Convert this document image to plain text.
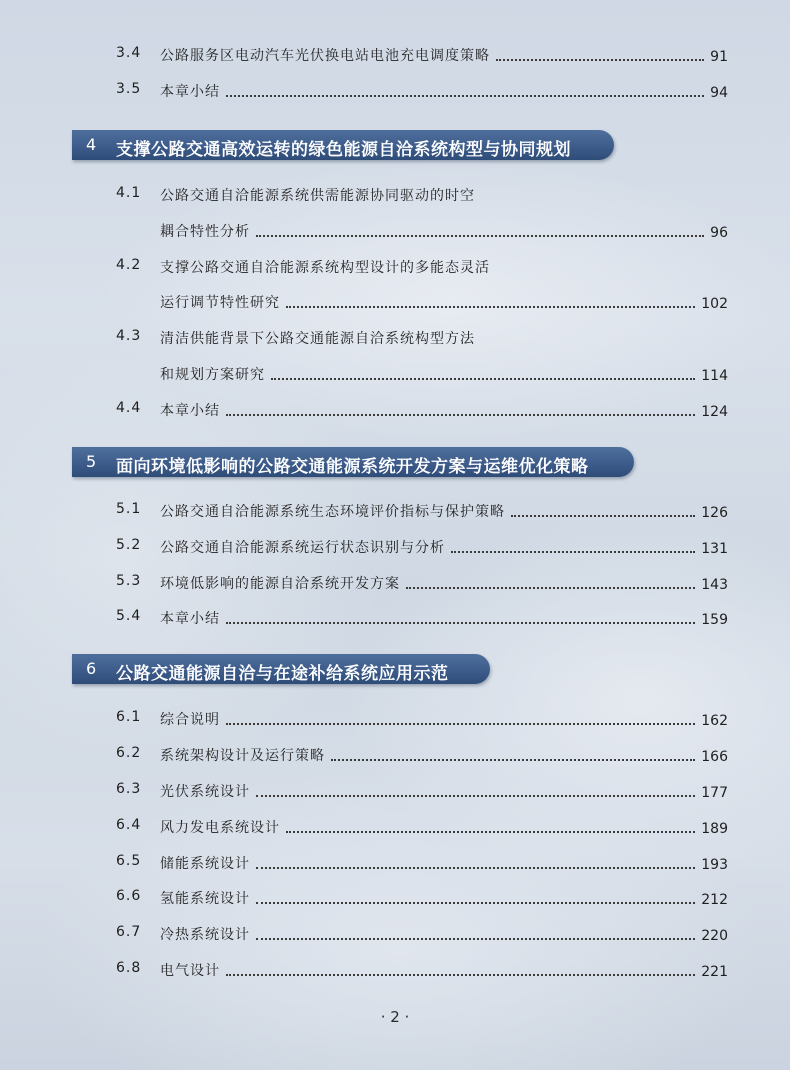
3.4	公路服务区电动汽车光伏换电站电池充电调度策略	91
3.5	本章小结	94
4 支撑公路交通高效运转的绿色能源自洽系统构型与协同规划
4.1	公路交通自洽能源系统供需能源协同驱动的时空
耦合特性分析	96
4.2	支撑公路交通自洽能源系统构型设计的多能态灵活
运行调节特性研究	102
4.3	清洁供能背景下公路交通能源自洽系统构型方法
和规划方案研究	114
4.4	本章小结	124
5 面向环境低影响的公路交通能源系统开发方案与运维优化策略
5.1	公路交通自洽能源系统生态环境评价指标与保护策略	126
5.2	公路交通自洽能源系统运行状态识别与分析	131
5.3	环境低影响的能源自洽系统开发方案	143
5.4	本章小结	159
6 公路交通能源自洽与在途补给系统应用示范
6.1	综合说明	162
6.2	系统架构设计及运行策略	166
6.3	光伏系统设计	177
6.4	风力发电系统设计	189
6.5	储能系统设计	193
6.6	氢能系统设计	212
6.7	冷热系统设计	220
6.8	电气设计	221
· 2 ·
